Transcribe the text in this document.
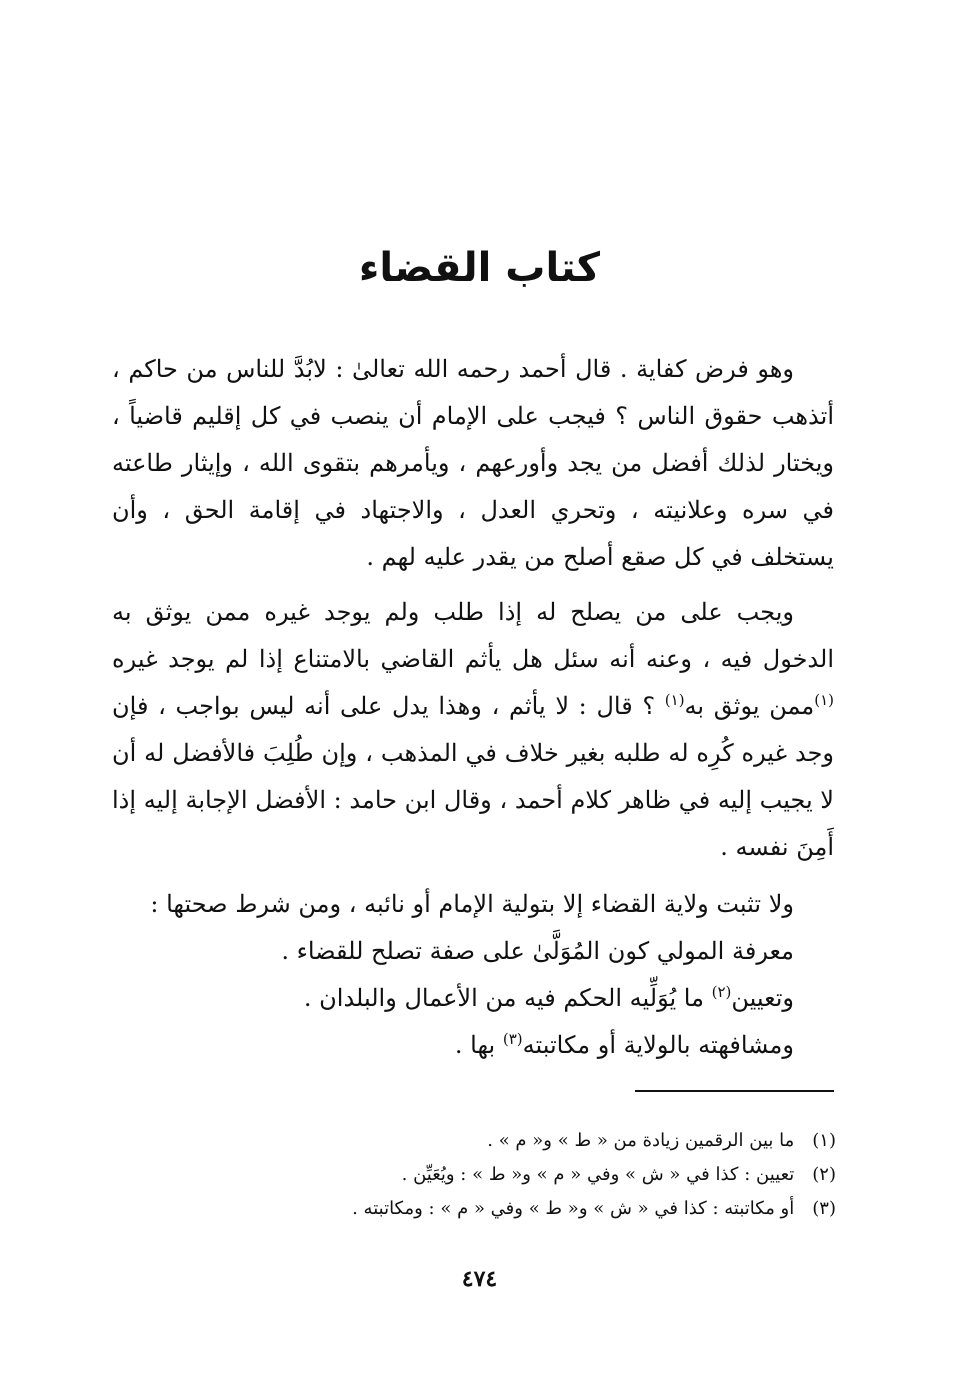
كتاب القضاء

وهو فرض كفاية . قال أحمد رحمه الله تعالىٰ : لابُدَّ للناس من حاكم ، أتذهب حقوق الناس ؟ فيجب على الإمام أن ينصب في كل إقليم قاضياً ، ويختار لذلك أفضل من يجد وأورعهم ، ويأمرهم بتقوى الله ، وإيثار طاعته في سره وعلانيته ، وتحري العدل ، والاجتهاد في إقامة الحق ، وأن يستخلف في كل صقع أصلح من يقدر عليه لهم .

ويجب على من يصلح له إذا طلب ولم يوجد غيره ممن يوثق به الدخول فيه ، وعنه أنه سئل هل يأثم القاضي بالامتناع إذا لم يوجد غيره $^{(١)}$ممن يوثق به$^{(١)}$ ؟ قال : لا يأثم ، وهذا يدل على أنه ليس بواجب ، فإن وجد غيره كُرِه له طلبه بغير خلاف في المذهب ، وإن طُلِبَ فالأفضل له أن لا يجيب إليه في ظاهر كلام أحمد ، وقال ابن حامد : الأفضل الإجابة إليه إذا أَمِنَ نفسه .

ولا تثبت ولاية القضاء إلا بتولية الإمام أو نائبه ، ومن شرط صحتها :

معرفة المولي كون المُوَلَّىٰ على صفة تصلح للقضاء .

وتعيين$^{(٢)}$ ما يُوَلِّيه الحكم فيه من الأعمال والبلدان .

ومشافهته بالولاية أو مكاتبته$^{(٣)}$ بها .

(١)
ما بين الرقمين زيادة من « ط » و« م » .

(٢)
تعيين : كذا في « ش » وفي « م » و« ط » : ويُعَيِّن .

(٣)
أو مكاتبته : كذا في « ش » و« ط » وفي « م » : ومكاتبته .

٤٧٤
